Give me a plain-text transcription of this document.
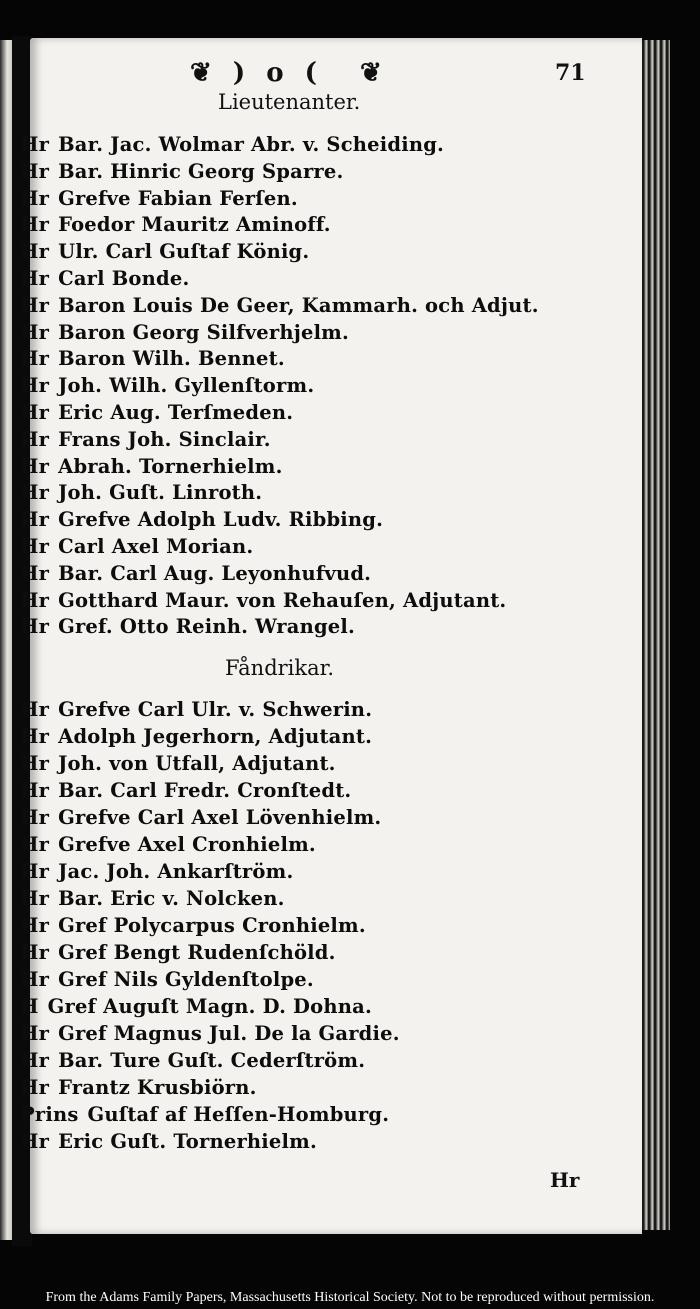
❦ ) o ( ❦	71
Hr
Lieutenanter.
Hr Bar. Jac. Wolmar Abr. v. Scheiding.
Hr Bar. Hinric Georg Sparre.
Hr Grefve Fabian Ferſen.
Hr Foedor Mauritz Aminoff.
Hr Ulr. Carl Guſtaf König.
Hr Carl Bonde.
Hr Baron Louis De Geer, Kammarh. och Adjut.
Hr Baron Georg Silfverhjelm.
Hr Baron Wilh. Bennet.
Hr Joh. Wilh. Gyllenſtorm.
Hr Eric Aug. Terſmeden.
Hr Frans Joh. Sinclair.
Hr Abrah. Tornerhielm.
Hr Joh. Guſt. Linroth.
Hr Grefve Adolph Ludv. Ribbing.
Hr Carl Axel Morian.
Hr Bar. Carl Aug. Leyonhufvud.
Hr Gotthard Maur. von Rehauſen, Adjutant.
Hr Gref. Otto Reinh. Wrangel.
Fåndrikar.
Hr Grefve Carl Ulr. v. Schwerin.
Hr Adolph Jegerhorn, Adjutant.
Hr Joh. von Utfall, Adjutant.
Hr Bar. Carl Fredr. Cronſtedt.
Hr Grefve Carl Axel Lövenhielm.
Hr Grefve Axel Cronhielm.
Hr Jac. Joh. Ankarſtröm.
Hr Bar. Eric v. Nolcken.
Hr Gref Polycarpus Cronhielm.
Hr Gref Bengt Rudenſchöld.
Hr Gref Nils Gyldenſtolpe.
H Gref Auguſt Magn. D. Dohna.
Hr Gref Magnus Jul. De la Gardie.
Hr Bar. Ture Guſt. Cederſtröm.
Hr Frantz Krusbiörn.
Prins Guſtaf af Heſſen-Homburg.
Hr Eric Guſt. Tornerhielm.
From the Adams Family Papers, Massachusetts Historical Society. Not to be reproduced without permission.
